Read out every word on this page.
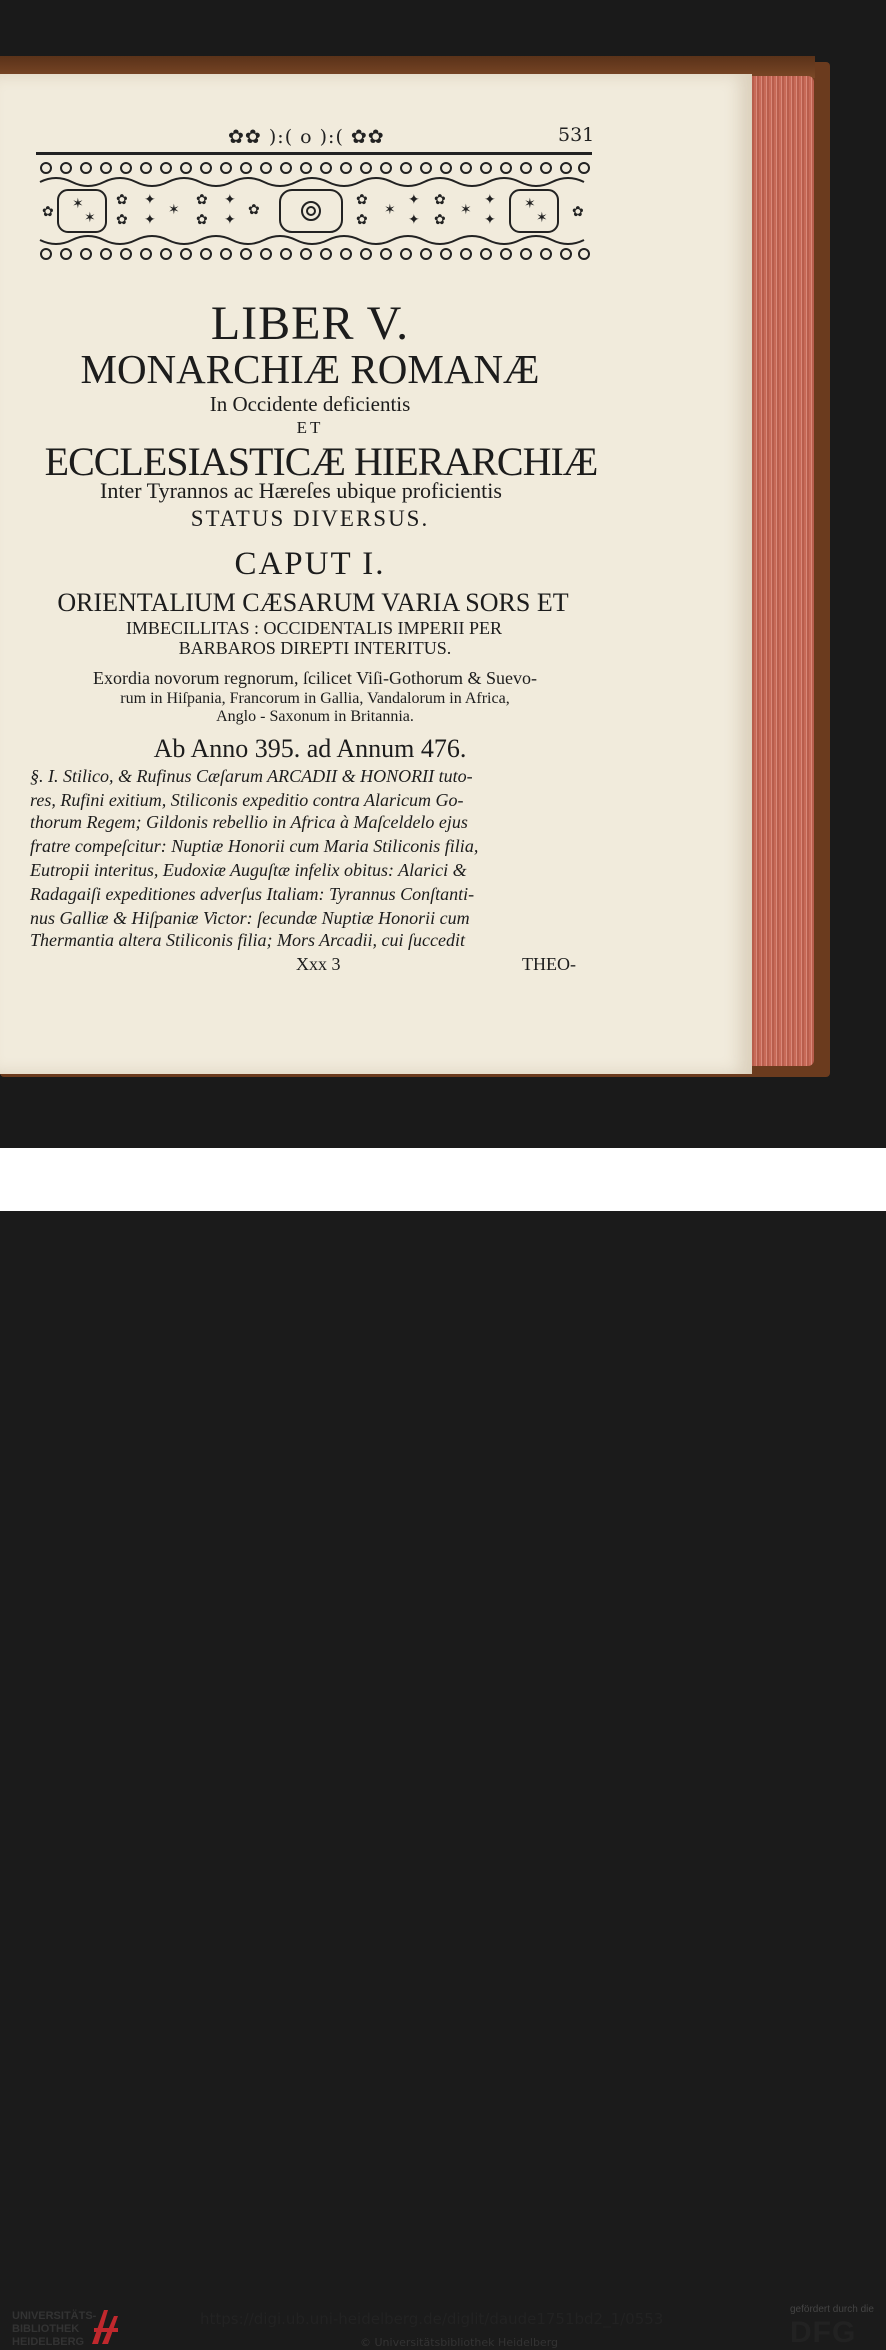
✿✿ ):( o ):( ✿✿	531
✿
✿
✿
✦
✦
✶
✿
✿
✦
✦
✿
✿
✿
✶
✦
✦
✿
✿
✶
✦
✦	✿
✶
✶
✶
✶
LIBER V.
MONARCHIÆ ROMANÆ
In Occidente deficientis
ET
ECCLESIASTICÆ HIERARCHIÆ
Inter Tyrannos ac Hæreſes ubique proficientis
STATUS DIVERSUS.
CAPUT I.
ORIENTALIUM CÆSARUM VARIA SORS ET
IMBECILLITAS : OCCIDENTALIS IMPERII PER
BARBAROS DIREPTI INTERITUS.
Exordia novorum regnorum, ſcilicet Viſi-Gothorum & Suevo-
rum in Hiſpania, Francorum in Gallia, Vandalorum in Africa,
Anglo - Saxonum in Britannia.
Ab Anno 395. ad Annum 476.
§. I. Stilico, & Rufinus Cæſarum ARCADII & HONORII tuto-
res, Rufini exitium, Stiliconis expeditio contra Alaricum Go-
thorum Regem; Gildonis rebellio in Africa à Maſceldelo ejus
fratre compeſcitur: Nuptiæ Honorii cum Maria Stiliconis filia,
Eutropii interitus, Eudoxiæ Auguſtæ infelix obitus: Alarici &
Radagaiſi expeditiones adverſus Italiam: Tyrannus Conſtanti-
nus Galliæ & Hiſpaniæ Victor: ſecundæ Nuptiæ Honorii cum
Thermantia altera Stiliconis filia; Mors Arcadii, cui ſuccedit
Xxx 3	THEO-
UNIVERSITÄTS-
BIBLIOTHEK
HEIDELBERG
https://digi.ub.uni-heidelberg.de/diglit/daude1751bd2_1/0553
© Universitätsbibliothek Heidelberg
gefördert durch die
DFG
